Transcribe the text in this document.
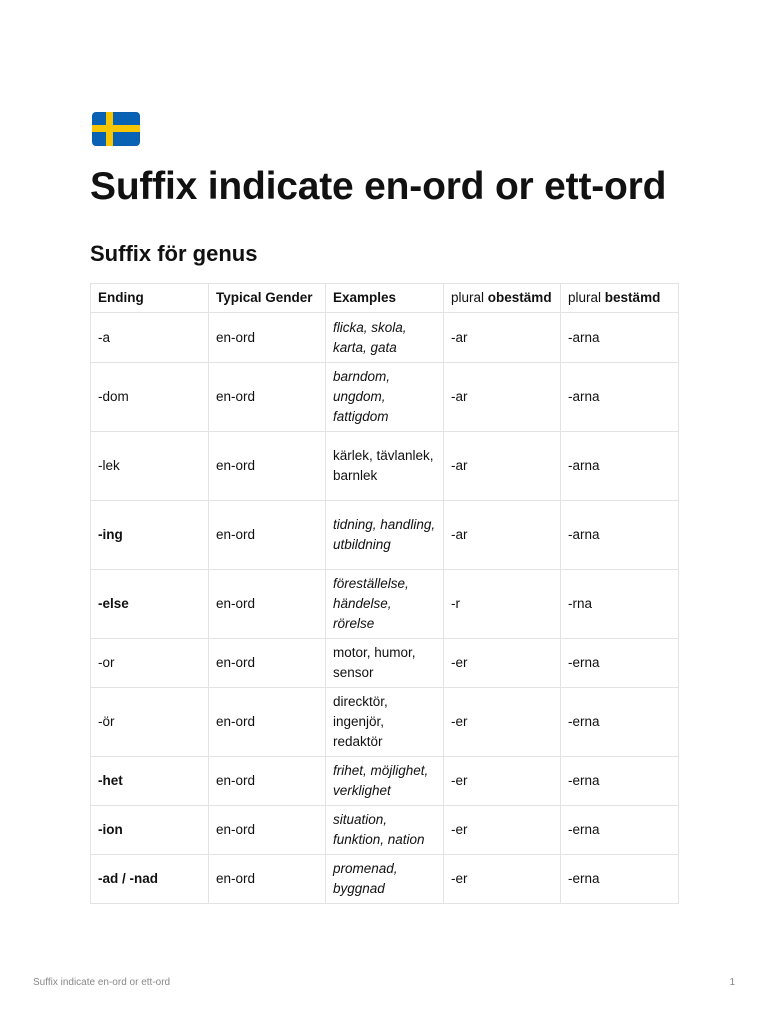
Suffix indicate en-ord or ett-ord
Suffix för genus
Ending	Typical Gender	Examples	plural obestämd	plural bestämd
-a	en-ord	flicka, skola, karta, gata	-ar	-arna
-dom	en-ord	barndom, ungdom, fattigdom	-ar	-arna
-lek	en-ord	kärlek, tävlanlek, barnlek	-ar	-arna
-ing	en-ord	tidning, handling, utbildning	-ar	-arna
-else	en-ord	föreställelse, händelse, rörelse	-r	-rna
-or	en-ord	motor, humor, sensor	-er	-erna
-ör	en-ord	direcktör, ingenjör, redaktör	-er	-erna
-het	en-ord	frihet, möjlighet, verklighet	-er	-erna
-ion	en-ord	situation, funktion, nation	-er	-erna
-ad / -nad	en-ord	promenad, byggnad	-er	-erna
Suffix indicate en-ord or ett-ord	1
